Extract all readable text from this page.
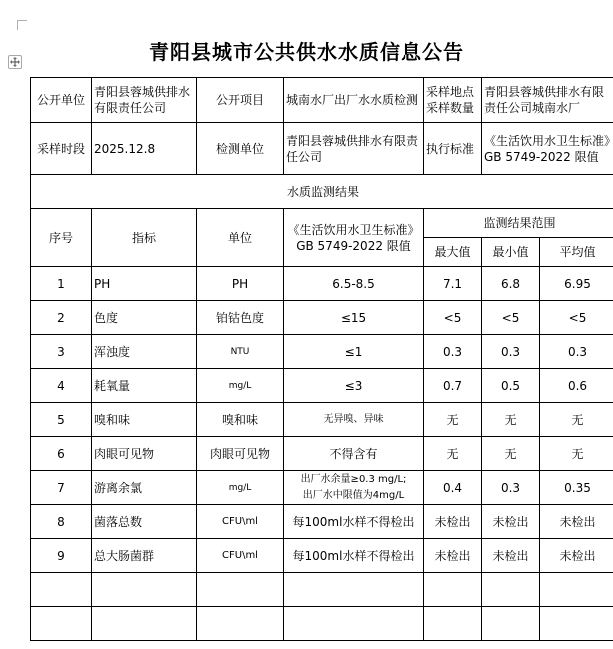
青阳县城市公共供水水质信息公告
公开单位	青阳县蓉城供排水有限责任公司	公开项目	城南水厂出厂水水质检测	采样地点采样数量	青阳县蓉城供排水有限责任公司城南水厂	
采样时段	2025.12.8	检测单位	青阳县蓉城供排水有限责任公司	执行标准	《生活饮用水卫生标准》GB 5749-2022 限值	
水质监测结果						
序号	指标	单位	《生活饮用水卫生标准》GB 5749-2022 限值	监测结果范围		
				最大值	最小值	平均值
1	PH	PH	6.5-8.5	7.1	6.8	6.95
2	色度	铂钴色度	≤15	<5	<5	<5
3	浑浊度	NTU	≤1	0.3	0.3	0.3
4	耗氧量	mg/L	≤3	0.7	0.5	0.6
5	嗅和味	嗅和味	无异嗅、异味	无	无	无
6	肉眼可见物	肉眼可见物	不得含有	无	无	无
7	游离余氯	mg/L	出厂水余量≥0.3 mg/L;
出厂水中限值为4mg/L	0.4	0.3	0.35
8	菌落总数	CFU\ml	每100ml水样不得检出	未检出	未检出	未检出
9	总大肠菌群	CFU\ml	每100ml水样不得检出	未检出	未检出	未检出
